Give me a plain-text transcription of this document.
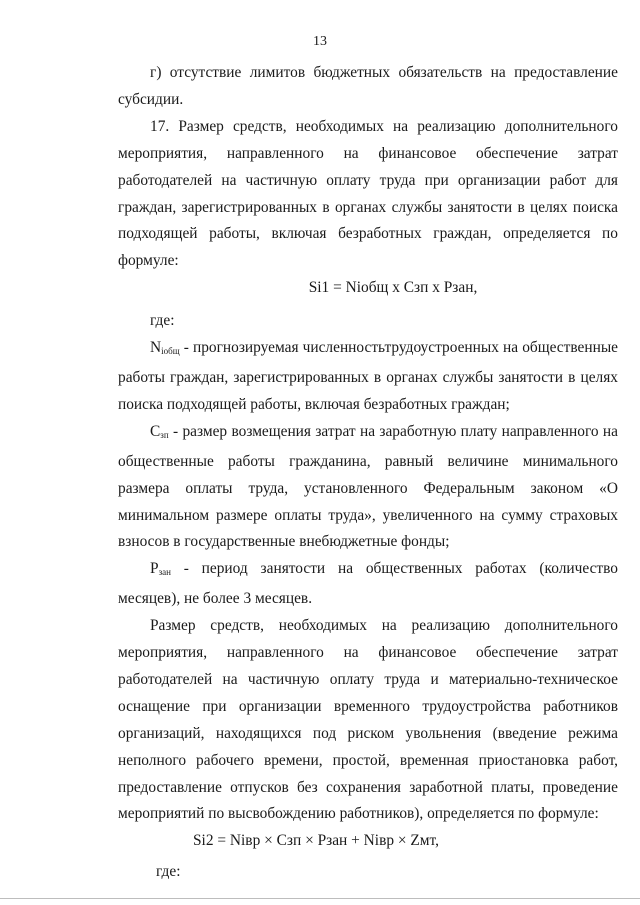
13

г) отсутствие лимитов бюджетных обязательств на предоставление субсидии.

17. Размер средств, необходимых на реализацию дополнительного мероприятия, направленного на финансовое обеспечение затрат работодателей на частичную оплату труда при организации работ для граждан, зарегистрированных в органах службы занятости в целях поиска подходящей работы, включая безработных граждан, определяется по формуле:

Si1 = Niобщ х Сзп х Рзан,

где:

$N_{iобщ}$ - прогнозируемая численностьтрудоустроенных на общественные работы граждан, зарегистрированных в органах службы занятости в целях поиска подходящей работы, включая безработных граждан;

$С_{зп}$ - размер возмещения затрат на заработную плату направленного на общественные работы гражданина, равный величине минимального размера оплаты труда, установленного Федеральным законом «О минимальном размере оплаты труда», увеличенного на сумму страховых взносов в государственные внебюджетные фонды;

$Р_{зан}$ - период занятости на общественных работах (количество месяцев), не более 3 месяцев.

Размер средств, необходимых на реализацию дополнительного мероприятия, направленного на финансовое обеспечение затрат работодателей на частичную оплату труда и материально-техническое оснащение при организации временного трудоустройства работников организаций, находящихся под риском увольнения (введение режима неполного рабочего времени, простой, временная приостановка работ, предоставление отпусков без сохранения заработной платы, проведение мероприятий по высвобождению работников), определяется по формуле:

Si2 = Niвр × Сзп × Рзан + Niвр × Zмт,

где:
